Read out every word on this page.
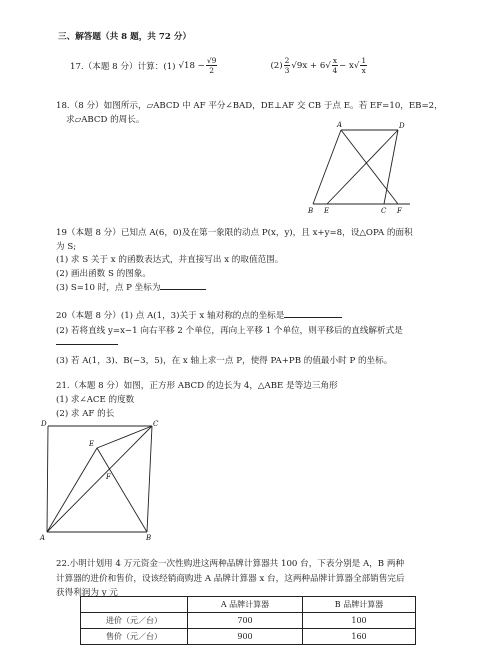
三、解答题（共 8 题，共 72 分）
17.（本题 8 分）计算：(1) $√18 - \frac{√9}{2}$	$(2) \frac{2}{3} √9x + 6√ \frac{x}{4} - x√ \frac{1}{x}$
18.（8 分）如图所示，▱ABCD 中 AF 平分∠BAD，DE⊥AF 交 CB 于点 E。若 EF=10，EB=2，
求▱ABCD 的周长。	A	D
B E	C F
19（本题 8 分）已知点 A(6，0)及在第一象限的动点 P(x，y)，且 x+y=8，设△OPA 的面积
为 S;
(1) 求 S 关于 x 的函数表达式，并直接写出 x 的取值范围。
(2) 画出函数 S 的图象。
(3) S=10 时，点 P 坐标为
20（本题 8 分）(1) 点 A(1，3)关于 x 轴对称的点的坐标是
(2) 若将直线 y=x−1 向右平移 2 个单位，再向上平移 1 个单位，则平移后的直线解析式是
(3) 若 A(1，3)、B(−3，5)，在 x 轴上求一点 P，使得 PA+PB 的值最小时 P 的坐标。
21.（本题 8 分）如图，正方形 ABCD 的边长为 4，△ABE 是等边三角形
(1) 求∠ACE 的度数
(2) 求 AF 的长
D	C
E
F
A	B
22.小明计划用 4 万元资金一次性购进这两种品牌计算器共 100 台，下表分别是 A，B 两种
计算器的进价和售价，设该经销商购进 A 品牌计算器 x 台，这两种品牌计算器全部销售完后
获得利润为 y 元
	A 品牌计算器	B 品牌计算器
进价（元／台）	700	100
售价（元／台）	900	160
